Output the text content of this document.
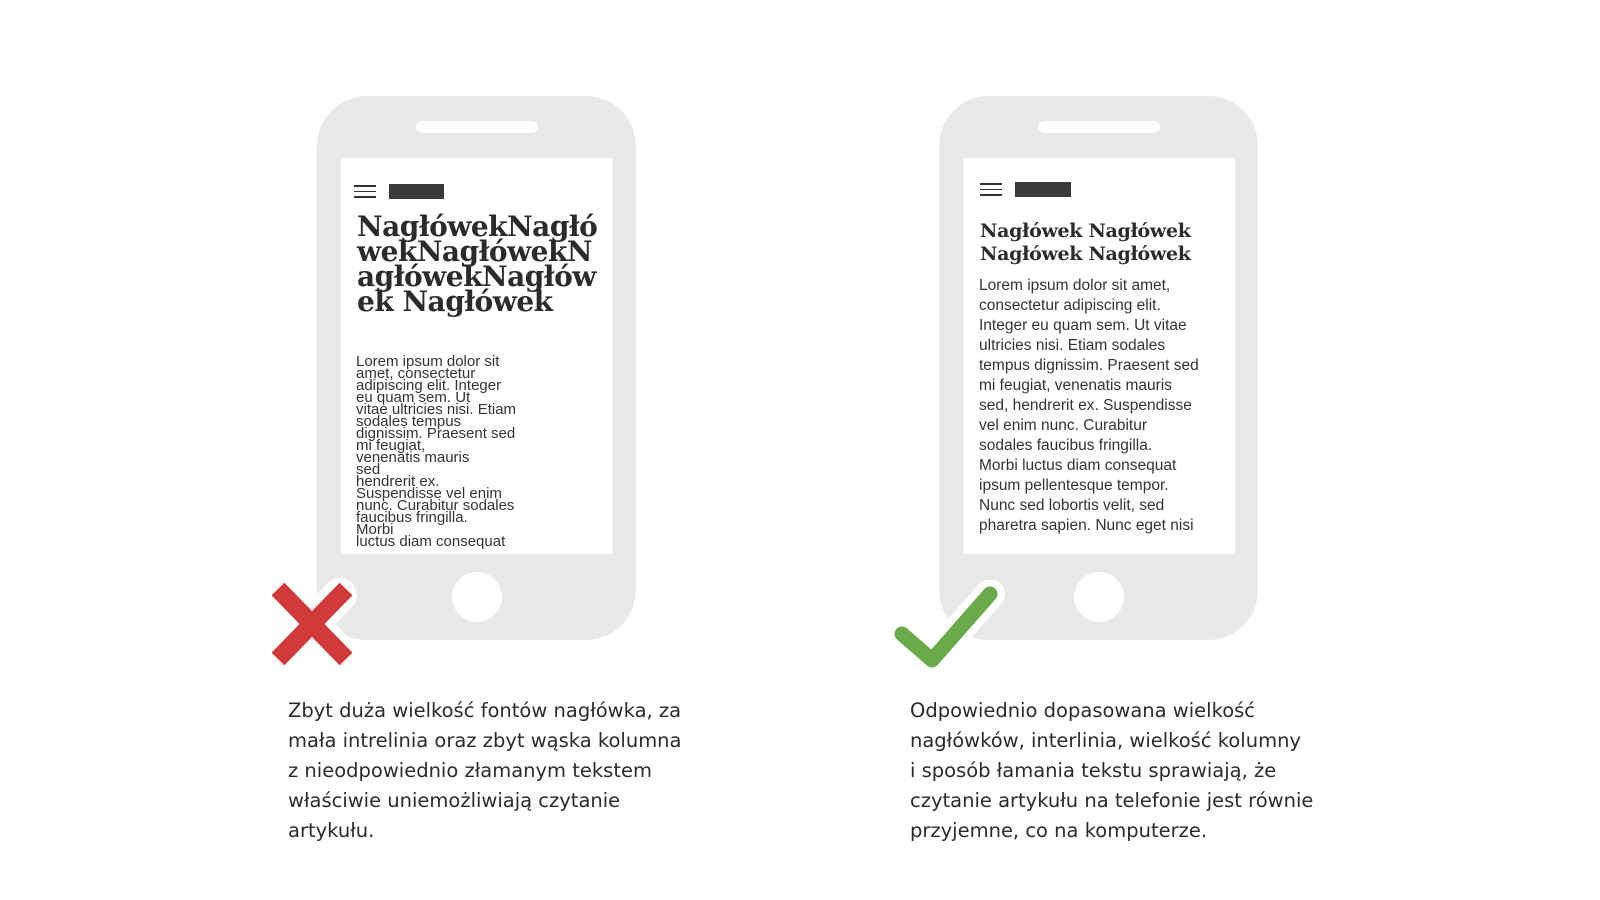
Lorem ipsum dolor sit
amet, consectetur
adipiscing elit. Integer
eu quam sem. Ut
vitae ultricies nisi. Etiam
sodales tempus
dignissim. Praesent sed
mi feugiat,
venenatis mauris
sed
hendrerit ex.
Suspendisse vel enim
nunc. Curabitur sodales
faucibus fringilla.
Morbi
luctus diam consequat
NagłówekNagłówekNagłówekNagłówekNagłówek Nagłówek
Nagłówek Nagłówek
Nagłówek Nagłówek
Lorem ipsum dolor sit amet,
consectetur adipiscing elit.
Integer eu quam sem. Ut vitae
ultricies nisi. Etiam sodales
tempus dignissim. Praesent sed
mi feugiat, venenatis mauris
sed, hendrerit ex. Suspendisse
vel enim nunc. Curabitur
sodales faucibus fringilla.
Morbi luctus diam consequat
ipsum pellentesque tempor.
Nunc sed lobortis velit, sed
pharetra sapien. Nunc eget nisi
Zbyt duża wielkość fontów nagłówka, za
mała intrelinia oraz zbyt wąska kolumna
z nieodpowiednio złamanym tekstem
właściwie uniemożliwiają czytanie
artykułu.
Odpowiednio dopasowana wielkość
nagłówków, interlinia, wielkość kolumny
i sposób łamania tekstu sprawiają, że
czytanie artykułu na telefonie jest równie
przyjemne, co na komputerze.
